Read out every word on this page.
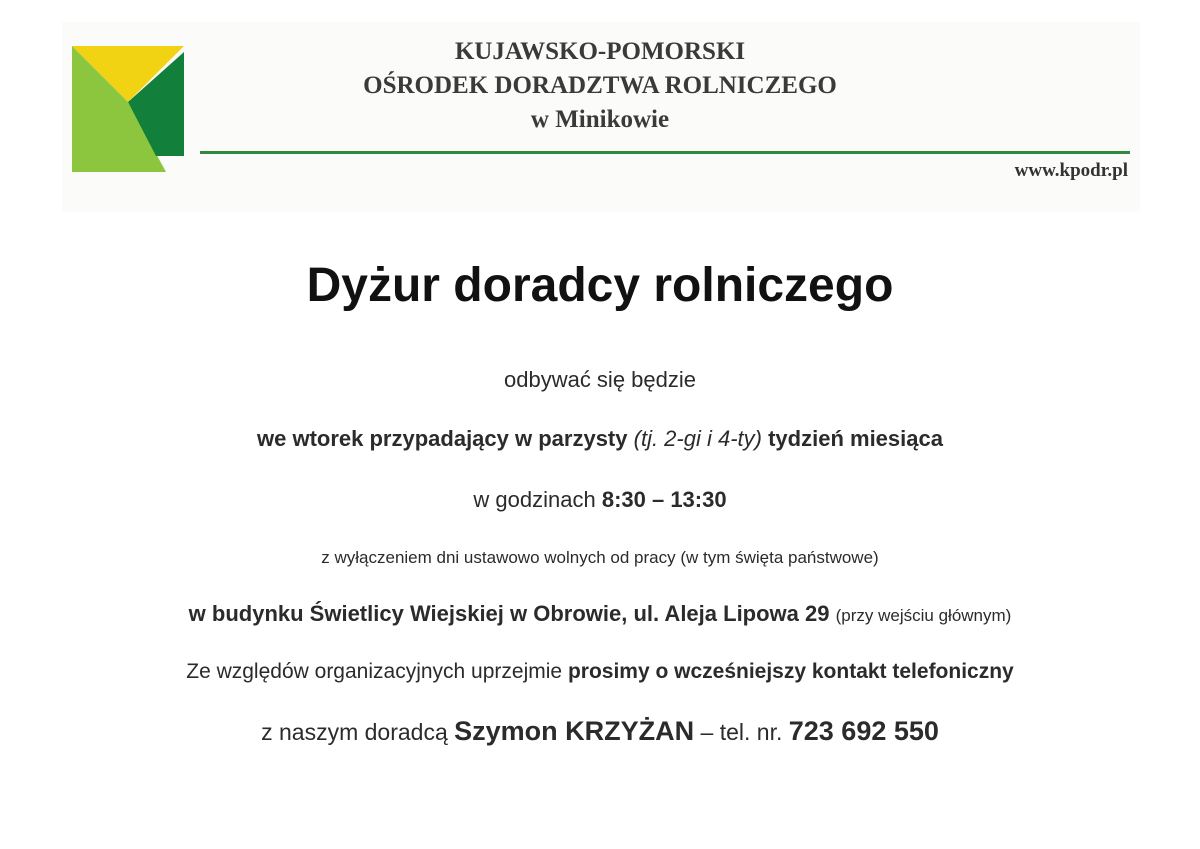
KUJAWSKO-POMORSKI
OŚRODEK DORADZTWA ROLNICZEGO
w Minikowie
www.kpodr.pl
Dyżur doradcy rolniczego
odbywać się będzie
we wtorek przypadający w parzysty (tj. 2-gi i 4-ty) tydzień miesiąca
w godzinach 8:30 – 13:30
z wyłączeniem dni ustawowo wolnych od pracy (w tym święta państwowe)
w budynku Świetlicy Wiejskiej w Obrowie, ul. Aleja Lipowa 29 (przy wejściu głównym)
Ze względów organizacyjnych uprzejmie prosimy o wcześniejszy kontakt telefoniczny
z naszym doradcą Szymon KRZYŻAN – tel. nr. 723 692 550
